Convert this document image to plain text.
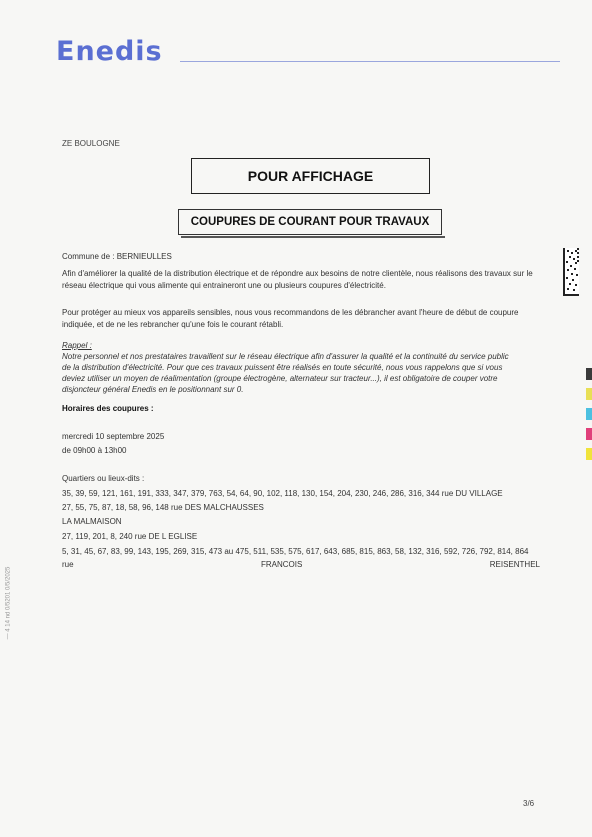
Enedis
ZE BOULOGNE
POUR AFFICHAGE
COUPURES DE COURANT POUR TRAVAUX
Commune de : BERNIEULLES
Afin d'améliorer la qualité de la distribution électrique et de répondre aux besoins de notre clientèle, nous réalisons des travaux sur le réseau électrique qui vous alimente qui entraineront une ou plusieurs coupures d'électricité.
Pour protéger au mieux vos appareils sensibles, nous vous recommandons de les débrancher avant l'heure de début de coupure indiquée, et de ne les rebrancher qu'une fois le courant rétabli.
Rappel :
Notre personnel et nos prestataires travaillent sur le réseau électrique afin d'assurer la qualité et la continuité du service public
de la distribution d'électricité. Pour que ces travaux puissent être réalisés en toute sécurité, nous vous rappelons que si vous
deviez utiliser un moyen de réalimentation (groupe électrogène, alternateur sur tracteur...), il est obligatoire de couper votre
disjoncteur général Enedis en le positionnant sur 0.
Horaires des coupures :
mercredi 10 septembre 2025
de 09h00 à 13h00
Quartiers ou lieux-dits :
35, 39, 59, 121, 161, 191, 333, 347, 379, 763, 54, 64, 90, 102, 118, 130, 154, 204, 230, 246, 286, 316, 344 rue DU VILLAGE
27, 55, 75, 87, 18, 58, 96, 148 rue DES MALCHAUSSES
LA MALMAISON
27, 119, 201, 8, 240 rue DE L EGLISE
5, 31, 45, 67, 83, 99, 143, 195, 269, 315, 473 au 475, 511, 535, 575, 617, 643, 685, 815, 863, 58, 132, 316, 592, 726, 792, 814, 864
rue	FRANCOIS	REISENTHEL
— 4 14 nd 0/5201 0/5/2025
3/6
